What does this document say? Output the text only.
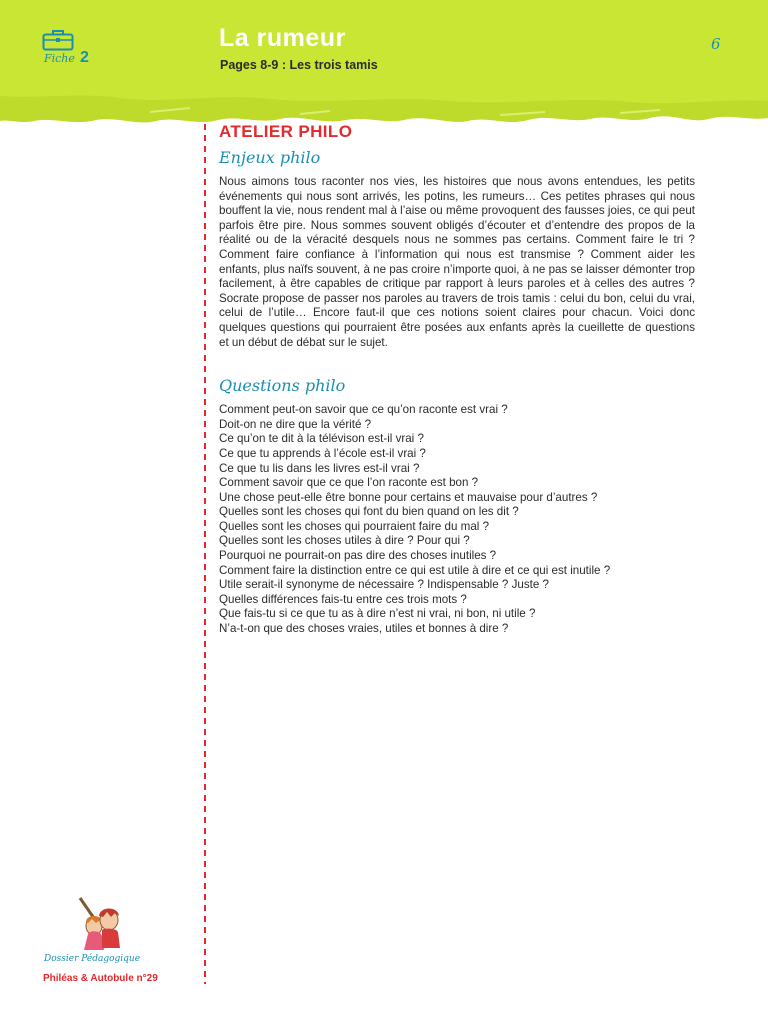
Fiche 2
La rumeur
Pages 8-9 : Les trois tamis
6
ATELIER PHILO
Enjeux philo

Nous aimons tous raconter nos vies, les histoires que nous avons entendues, les petits événements qui nous sont arrivés, les potins, les rumeurs… Ces petites phrases qui nous bouffent la vie, nous rendent mal à l’aise ou même provoquent des fausses joies, ce qui peut parfois être pire. Nous sommes souvent obligés d’écouter et d’entendre des propos de la réalité ou de la véracité desquels nous ne sommes pas certains. Comment faire le tri ? Comment faire confiance à l’information qui nous est transmise ? Comment aider les enfants, plus naïfs souvent, à ne pas croire n’importe quoi, à ne pas se laisser démonter trop facilement, à être capables de critique par rapport à leurs paroles et à celles des autres ? Socrate propose de passer nos paroles au travers de trois tamis : celui du bon, celui du vrai, celui de l’utile… Encore faut-il que ces notions soient claires pour chacun. Voici donc quelques questions qui pourraient être posées aux enfants après la cueillette de questions et un début de débat sur le sujet.

Questions philo
Comment peut-on savoir que ce qu’on raconte est vrai ?
Doit-on ne dire que la vérité ?
Ce qu’on te dit à la télévison est-il vrai ?
Ce que tu apprends à l’école est-il vrai ?
Ce que tu lis dans les livres est-il vrai ?
Comment savoir que ce que l’on raconte est bon ?
Une chose peut-elle être bonne pour certains et mauvaise pour d’autres ?
Quelles sont les choses qui font du bien quand on les dit ?
Quelles sont les choses qui pourraient faire du mal ?
Quelles sont les choses utiles à dire ? Pour qui ?
Pourquoi ne pourrait-on pas dire des choses inutiles ?
Comment faire la distinction entre ce qui est utile à dire et ce qui est inutile ?
Utile serait-il synonyme de nécessaire ? Indispensable ? Juste ?
Quelles différences fais-tu entre ces trois mots ?
Que fais-tu si ce que tu as à dire n’est ni vrai, ni bon, ni utile ?
N’a-t-on que des choses vraies, utiles et bonnes à dire ?
Dossier Pédagogique
Philéas & Autobule n°29
